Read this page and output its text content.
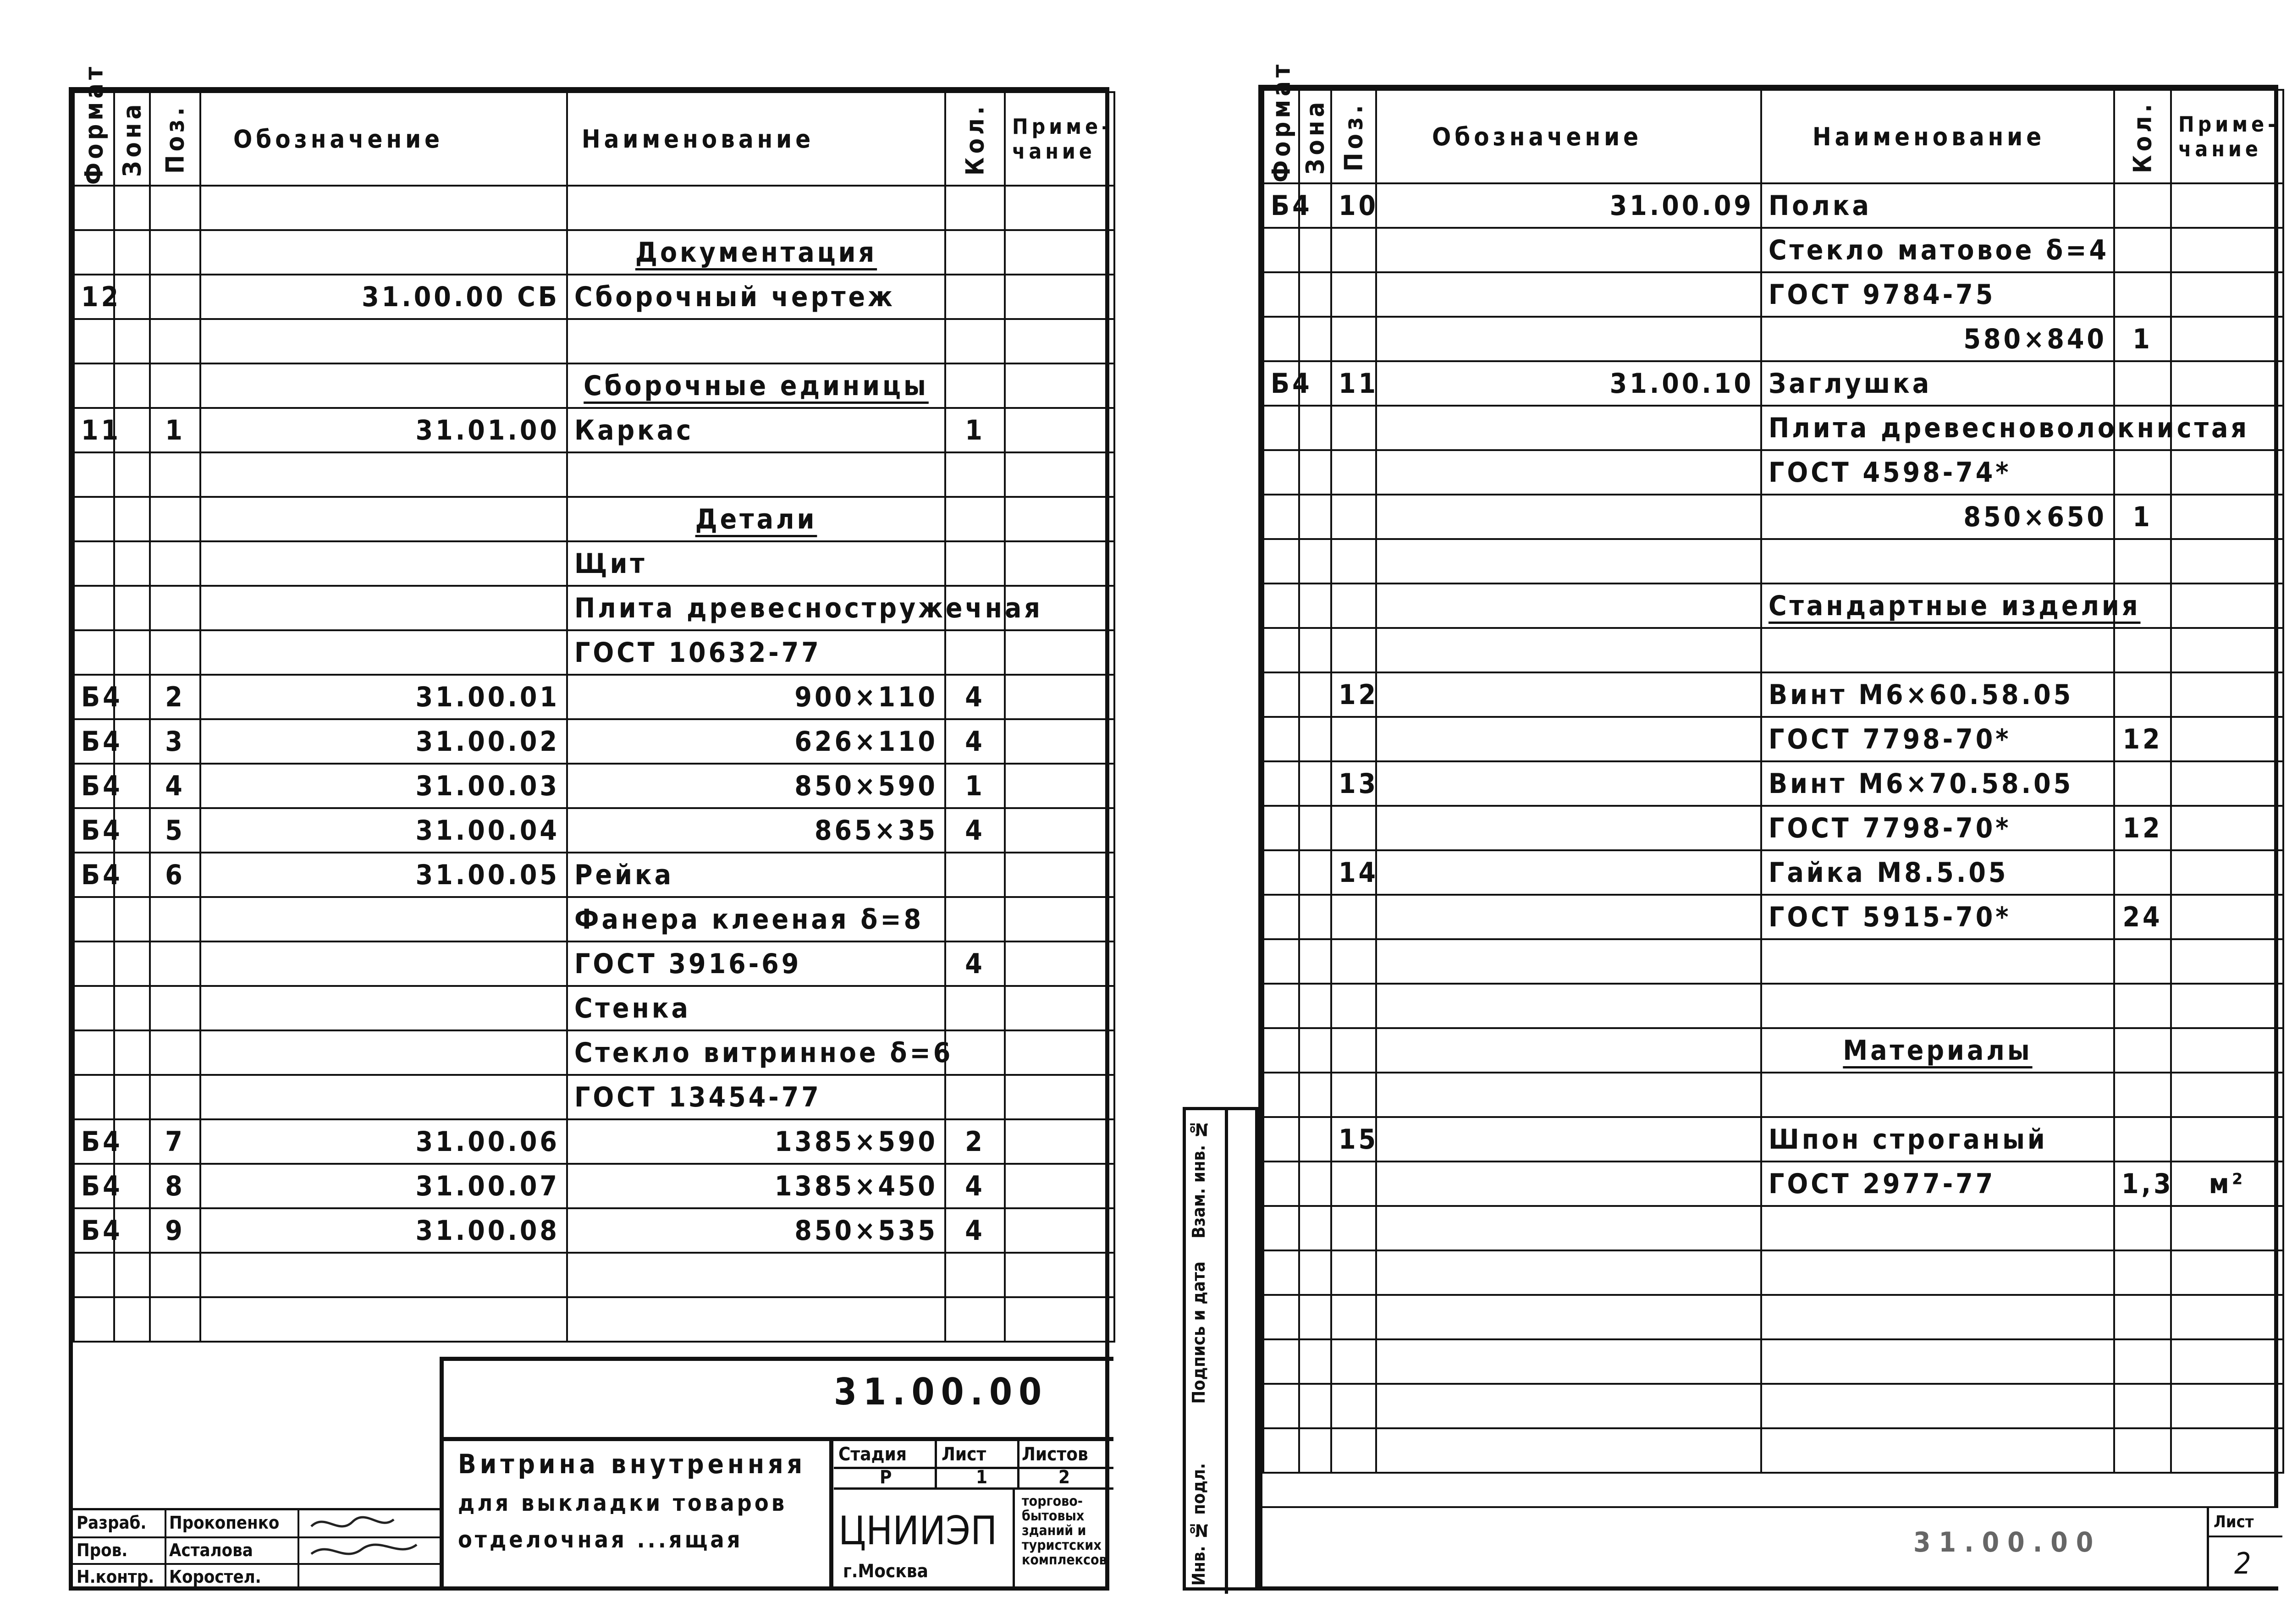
Формат	Зона	Поз.	Обозначение	Наименование	Кол.	Приме-чание

				Документация		
12			31.00.00 СБ	Сборочный чертеж		

				Сборочные единицы		
11		1	31.01.00	Каркас	1	

				Детали		
				Щит		
				Плита древесностружечная		
				ГОСТ 10632-77		
Б4		2	31.00.01	900×110	4	
Б4		3	31.00.02	626×110	4	
Б4		4	31.00.03	850×590	1	
Б4		5	31.00.04	865×35	4	
Б4		6	31.00.05	Рейка		
				Фанера клееная δ=8		
				ГОСТ 3916-69	4	
				Стенка		
				Стекло витринное δ=6		
				ГОСТ 13454-77		
Б4		7	31.00.06	1385×590	2	
Б4		8	31.00.07	1385×450	4	
Б4		9	31.00.08	850×535	4	

31.00.00
Витрина внутренняя
для выкладки товаров
отделочная ...ящая
Стадия Лист Листов
Р	1	2
ЦНИИЭП
г.Москва
торгово-бытовых зданий и туристских комплексов
Разраб. Прокопенко
Пров. Асталова
Н.контр. Коростел.
Взам. инв. №
Подпись и дата
Инв. № подл.
Формат	Зона	Поз.	Обозначение	Наименование	Кол.	Приме-чание
Б4		10	31.00.09	Полка		
				Стекло матовое δ=4		
				ГОСТ 9784-75		
				580×840	1	
Б4		11	31.00.10	Заглушка		
				Плита древесноволокнистая		
				ГОСТ 4598-74*		
				850×650	1	

				Стандартные изделия		

		12		Винт М6×60.58.05		
				ГОСТ 7798-70*	12	
		13		Винт М6×70.58.05		
				ГОСТ 7798-70*	12	
		14		Гайка М8.5.05		
				ГОСТ 5915-70*	24	

				Материалы		

		15		Шпон строганый		
				ГОСТ 2977-77	1,3	м²

31.00.00
Лист
2
